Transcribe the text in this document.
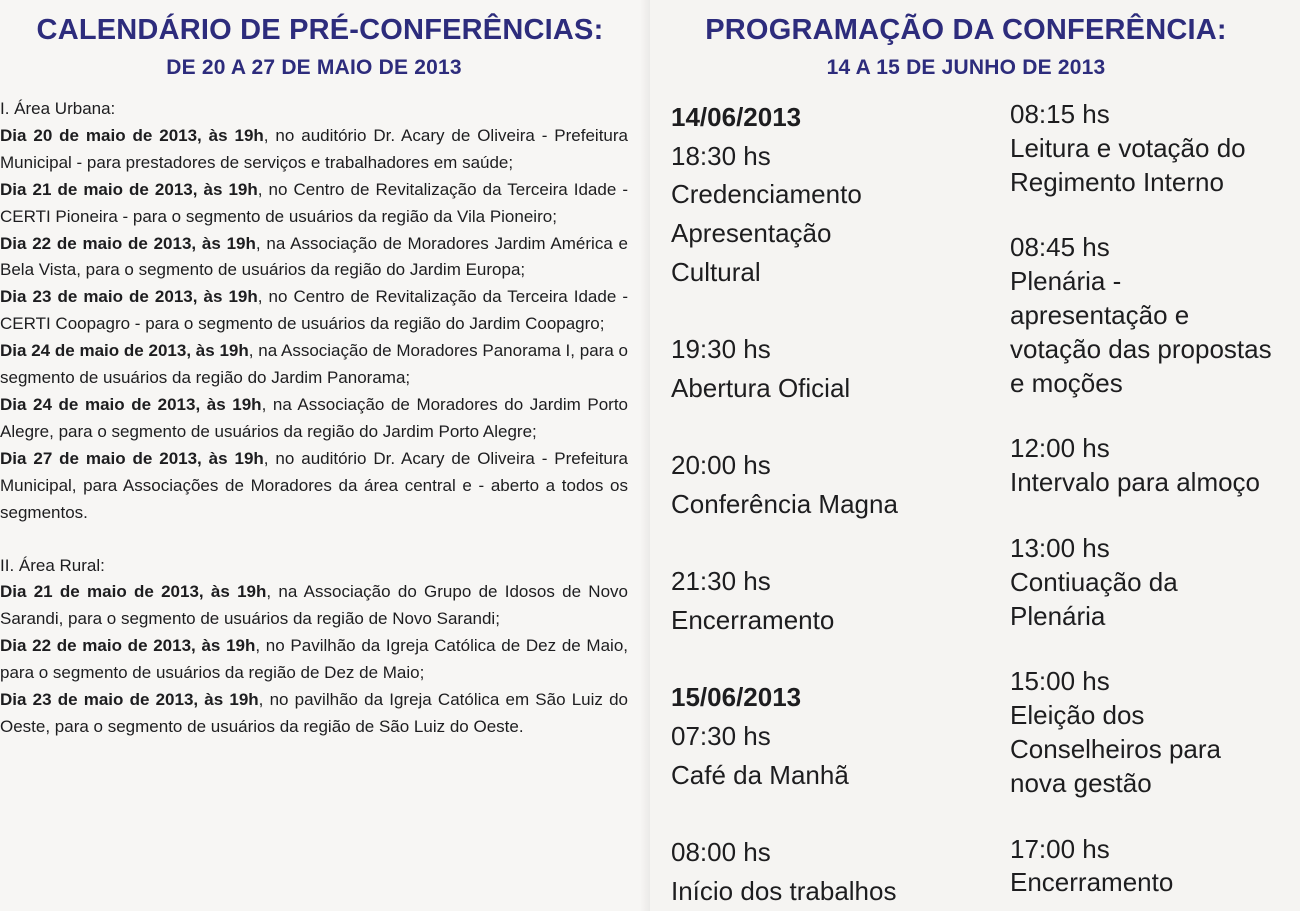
CALENDÁRIO DE PRÉ-CONFERÊNCIAS:
DE 20 A 27 DE MAIO DE 2013

I. Área Urbana:

Dia 20 de maio de 2013, às 19h, no auditório Dr. Acary de Oliveira - Prefeitura Municipal - para prestadores de serviços e trabalhadores em saúde;

Dia 21 de maio de 2013, às 19h, no Centro de Revitalização da Terceira Idade - CERTI Pioneira - para o segmento de usuários da região da Vila Pioneiro;

Dia 22 de maio de 2013, às 19h, na Associação de Moradores Jardim América e Bela Vista, para o segmento de usuários da região do Jardim Europa;

Dia 23 de maio de 2013, às 19h, no Centro de Revitalização da Terceira Idade - CERTI Coopagro - para o segmento de usuários da região do Jardim Coopagro;

Dia 24 de maio de 2013, às 19h, na Associação de Moradores Panorama I, para o segmento de usuários da região do Jardim Panorama;

Dia 24 de maio de 2013, às 19h, na Associação de Moradores do Jardim Porto Alegre, para o segmento de usuários da região do Jardim Porto Alegre;

Dia 27 de maio de 2013, às 19h, no auditório Dr. Acary de Oliveira - Prefeitura Municipal, para Associações de Moradores da área central e - aberto a todos os segmentos.

II. Área Rural:

Dia 21 de maio de 2013, às 19h, na Associação do Grupo de Idosos de Novo Sarandi, para o segmento de usuários da região de Novo Sarandi;

Dia 22 de maio de 2013, às 19h, no Pavilhão da Igreja Católica de Dez de Maio, para o segmento de usuários da região de Dez de Maio;

Dia 23 de maio de 2013, às 19h, no pavilhão da Igreja Católica em São Luiz do Oeste, para o segmento de usuários da região de São Luiz do Oeste.

PROGRAMAÇÃO DA CONFERÊNCIA:
14 A 15 DE JUNHO DE 2013
14/06/2013
18:30 hs
Credenciamento
Apresentação
Cultural
19:30 hs
Abertura Oficial
20:00 hs
Conferência Magna
21:30 hs
Encerramento
15/06/2013
07:30 hs
Café da Manhã
08:00 hs
Início dos trabalhos
08:15 hs
Leitura e votação do
Regimento Interno
08:45 hs
Plenária -
apresentação e
votação das propostas
e moções
12:00 hs
Intervalo para almoço
13:00 hs
Contiuação da
Plenária
15:00 hs
Eleição dos
Conselheiros para
nova gestão
17:00 hs
Encerramento
